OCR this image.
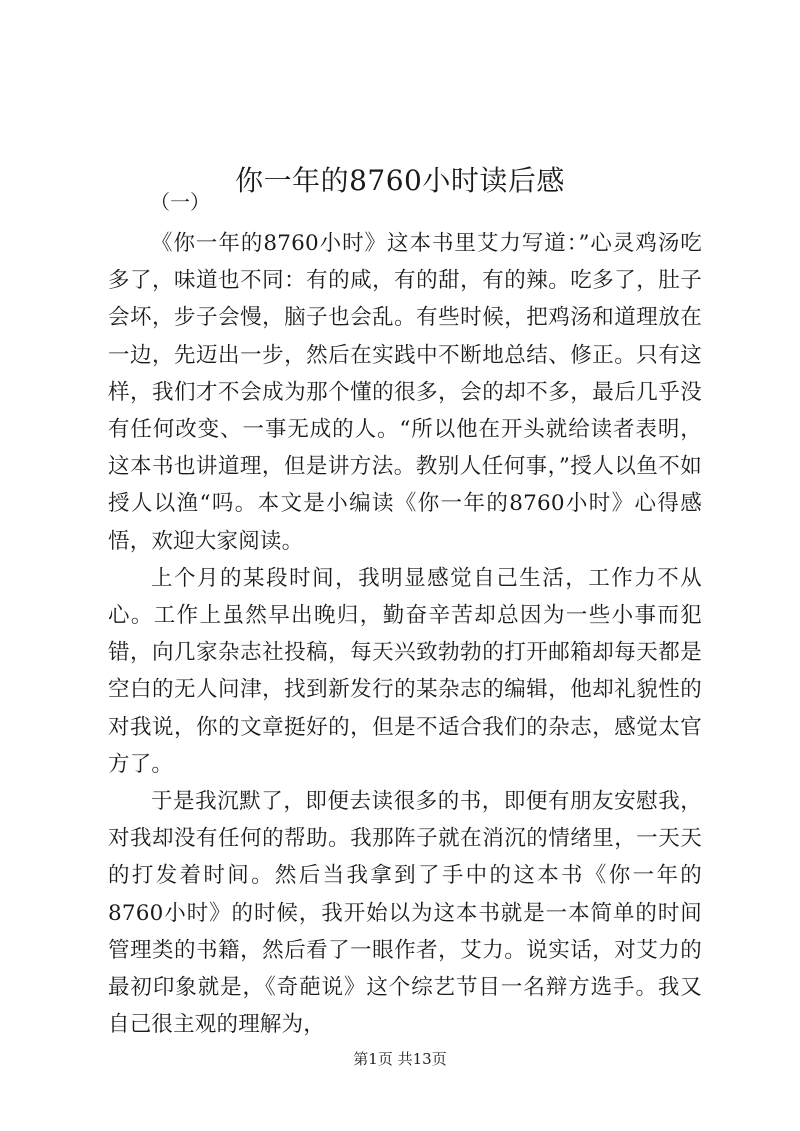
你一年的8760小时读后感
（一）

《你一年的8760小时》这本书里艾力写道：”心灵鸡汤吃多了，味道也不同：有的咸，有的甜，有的辣。吃多了，肚子会坏，步子会慢，脑子也会乱。有些时候，把鸡汤和道理放在一边，先迈出一步，然后在实践中不断地总结、修正。只有这样，我们才不会成为那个懂的很多，会的却不多，最后几乎没有任何改变、一事无成的人。“所以他在开头就给读者表明，这本书也讲道理，但是讲方法。教别人任何事，”授人以鱼不如授人以渔“吗。本文是小编读《你一年的8760小时》心得感悟，欢迎大家阅读。

上个月的某段时间，我明显感觉自己生活，工作力不从心。工作上虽然早出晚归，勤奋辛苦却总因为一些小事而犯错，向几家杂志社投稿，每天兴致勃勃的打开邮箱却每天都是空白的无人问津，找到新发行的某杂志的编辑，他却礼貌性的对我说，你的文章挺好的，但是不适合我们的杂志，感觉太官方了。

于是我沉默了，即便去读很多的书，即便有朋友安慰我，对我却没有任何的帮助。我那阵子就在消沉的情绪里，一天天的打发着时间。然后当我拿到了手中的这本书《你一年的8760小时》的时候，我开始以为这本书就是一本简单的时间管理类的书籍，然后看了一眼作者，艾力。说实话，对艾力的最初印象就是，《奇葩说》这个综艺节目一名辩方选手。我又自己很主观的理解为，

第1页 共13页
